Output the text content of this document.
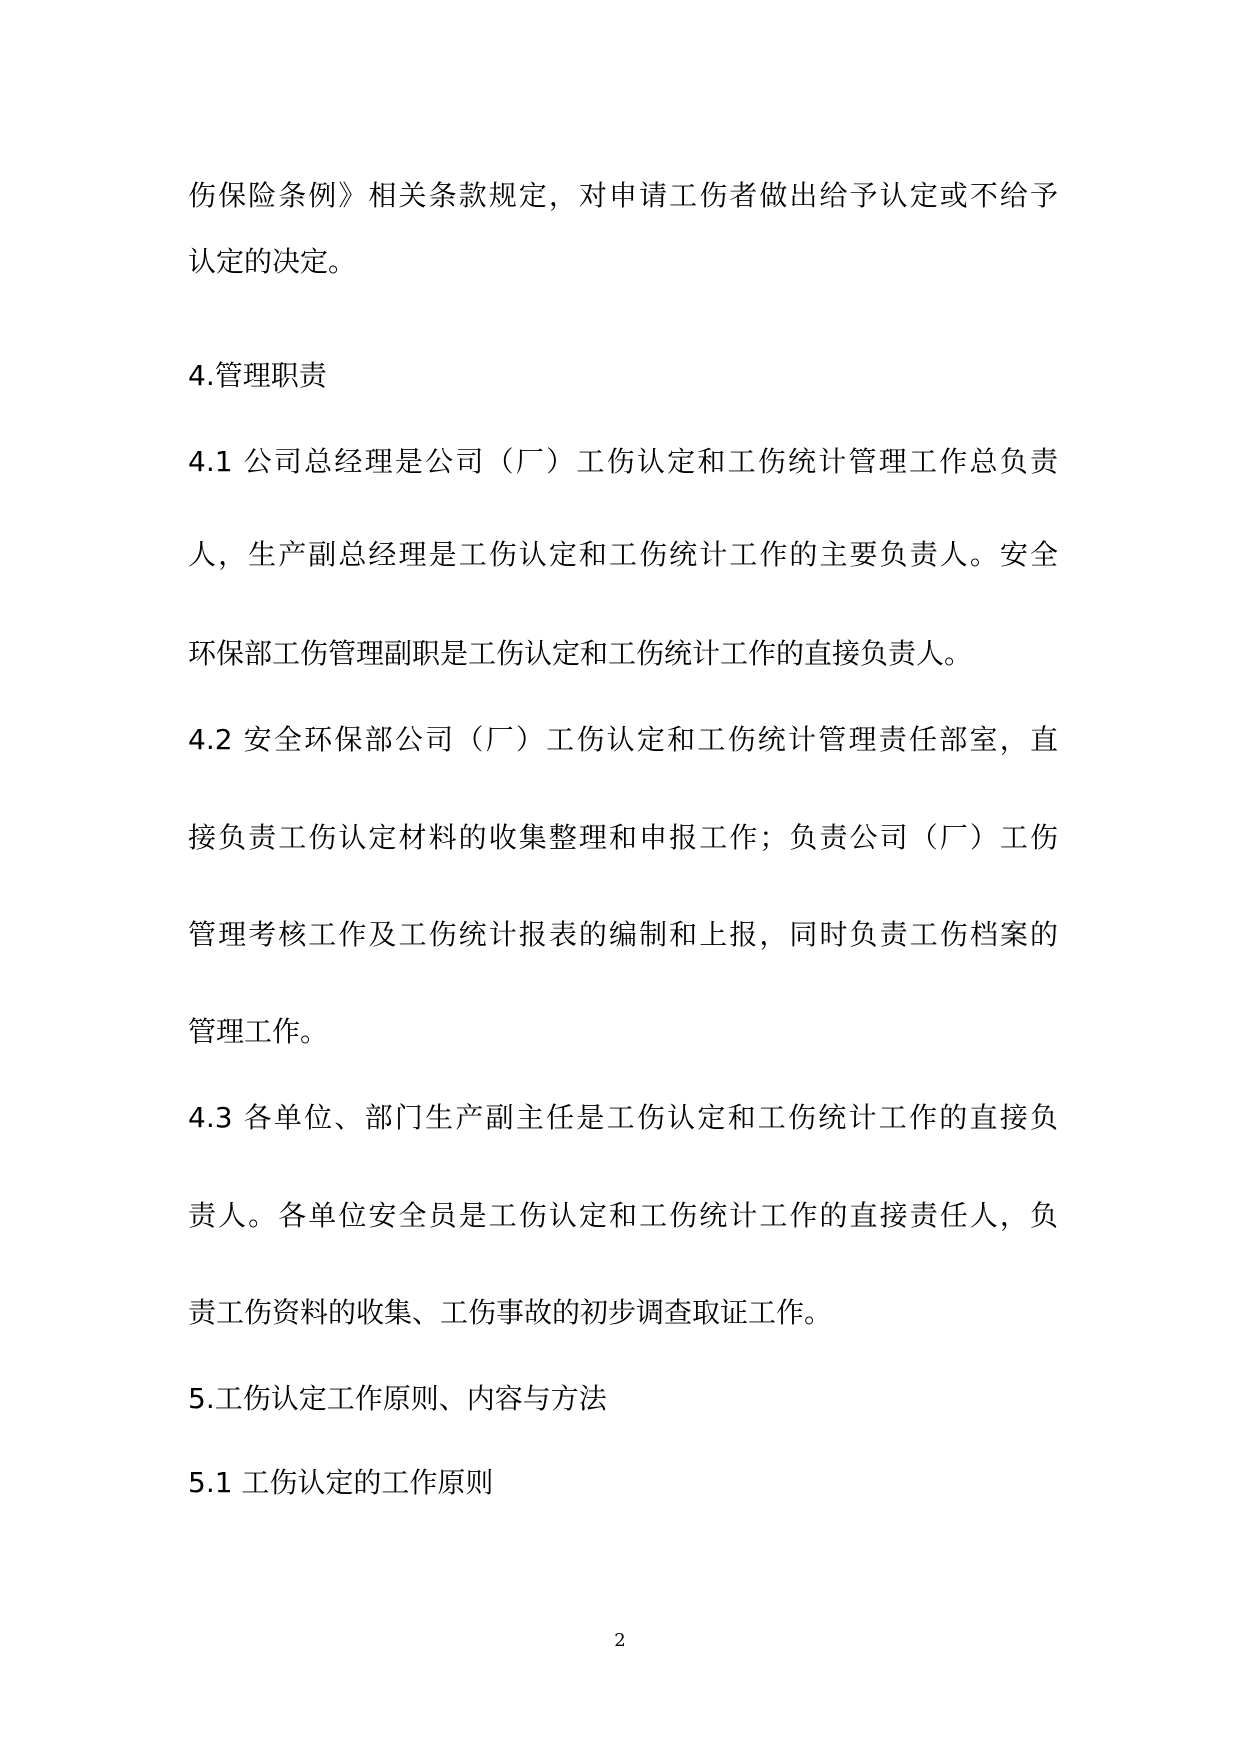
伤保险条例》相关条款规定，对申请工伤者做出给予认定或不给予
认定的决定。
4.管理职责
4.1 公司总经理是公司（厂）工伤认定和工伤统计管理工作总负责
人，生产副总经理是工伤认定和工伤统计工作的主要负责人。安全
环保部工伤管理副职是工伤认定和工伤统计工作的直接负责人。
4.2 安全环保部公司（厂）工伤认定和工伤统计管理责任部室，直
接负责工伤认定材料的收集整理和申报工作；负责公司（厂）工伤
管理考核工作及工伤统计报表的编制和上报，同时负责工伤档案的
管理工作。
4.3 各单位、部门生产副主任是工伤认定和工伤统计工作的直接负
责人。各单位安全员是工伤认定和工伤统计工作的直接责任人，负
责工伤资料的收集、工伤事故的初步调查取证工作。
5.工伤认定工作原则、内容与方法
5.1 工伤认定的工作原则
2
